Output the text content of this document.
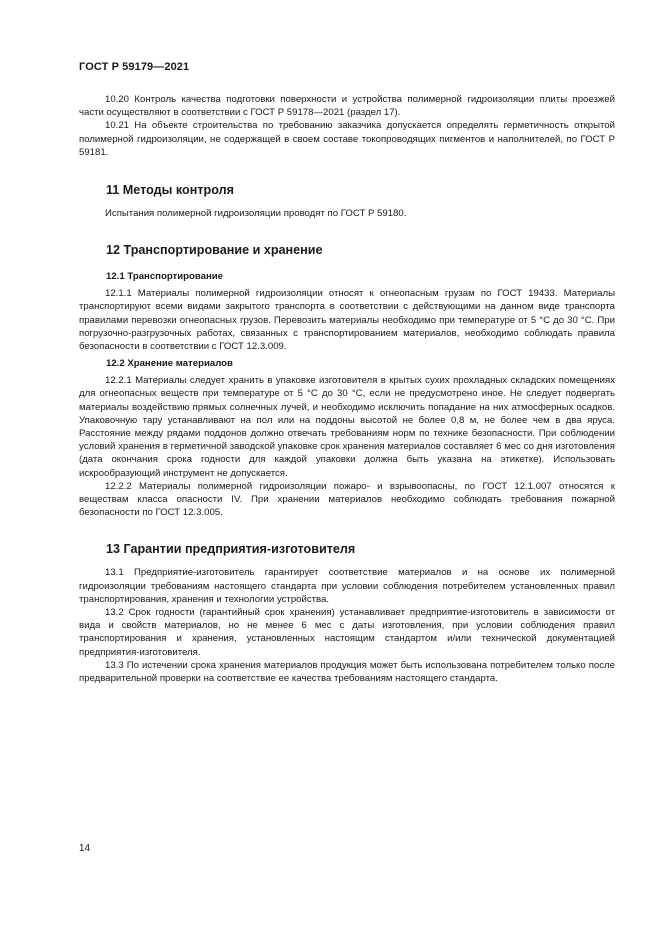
ГОСТ Р 59179—2021

10.20 Контроль качества подготовки поверхности и устройства полимерной гидроизоляции плиты проезжей части осуществляют в соответствии с ГОСТ Р 59178—2021 (раздел 17).

10.21 На объекте строительства по требованию заказчика допускается определять герметичность открытой полимерной гидроизоляции, не содержащей в своем составе токопроводящих пигментов и наполнителей, по ГОСТ Р 59181.

11 Методы контроля

Испытания полимерной гидроизоляции проводят по ГОСТ Р 59180.

12 Транспортирование и хранение
12.1 Транспортирование

12.1.1 Материалы полимерной гидроизоляции относят к огнеопасным грузам по ГОСТ 19433. Материалы транспортируют всеми видами закрытого транспорта в соответствии с действующими на данном виде транспорта правилами перевозки огнеопасных грузов. Перевозить материалы необходимо при температуре от 5 °С до 30 °С. При погрузочно-разгрузочных работах, связанных с транспортированием материалов, необходимо соблюдать правила безопасности в соответствии с ГОСТ 12.3.009.

12.2 Хранение материалов

12.2.1 Материалы следует хранить в упаковке изготовителя в крытых сухих прохладных складских помещениях для огнеопасных веществ при температуре от 5 °С до 30 °С, если не предусмотрено иное. Не следует подвергать материалы воздействию прямых солнечных лучей, и необходимо исключить попадание на них атмосферных осадков. Упаковочную тару устанавливают на пол или на поддоны высотой не более 0,8 м, не более чем в два яруса. Расстояние между рядами поддонов должно отвечать требованиям норм по технике безопасности. При соблюдении условий хранения в герметичной заводской упаковке срок хранения материалов составляет 6 мес со дня изготовления (дата окончания срока годности для каждой упаковки должна быть указана на этикетке). Использовать искрообразующий инструмент не допускается.

12.2.2 Материалы полимерной гидроизоляции пожаро- и взрывоопасны, по ГОСТ 12.1.007 относятся к веществам класса опасности IV. При хранении материалов необходимо соблюдать требования пожарной безопасности по ГОСТ 12.3.005.

13 Гарантии предприятия-изготовителя

13.1 Предприятие-изготовитель гарантирует соответствие материалов и на основе их полимерной гидроизоляции требованиям настоящего стандарта при условии соблюдения потребителем установленных правил транспортирования, хранения и технологии устройства.

13.2 Срок годности (гарантийный срок хранения) устанавливает предприятие-изготовитель в зависимости от вида и свойств материалов, но не менее 6 мес с даты изготовления, при условии соблюдения правил транспортирования и хранения, установленных настоящим стандартом и/или технической документацией предприятия-изготовителя.

13.3 По истечении срока хранения материалов продукция может быть использована потребителем только после предварительной проверки на соответствие ее качества требованиям настоящего стандарта.

14
